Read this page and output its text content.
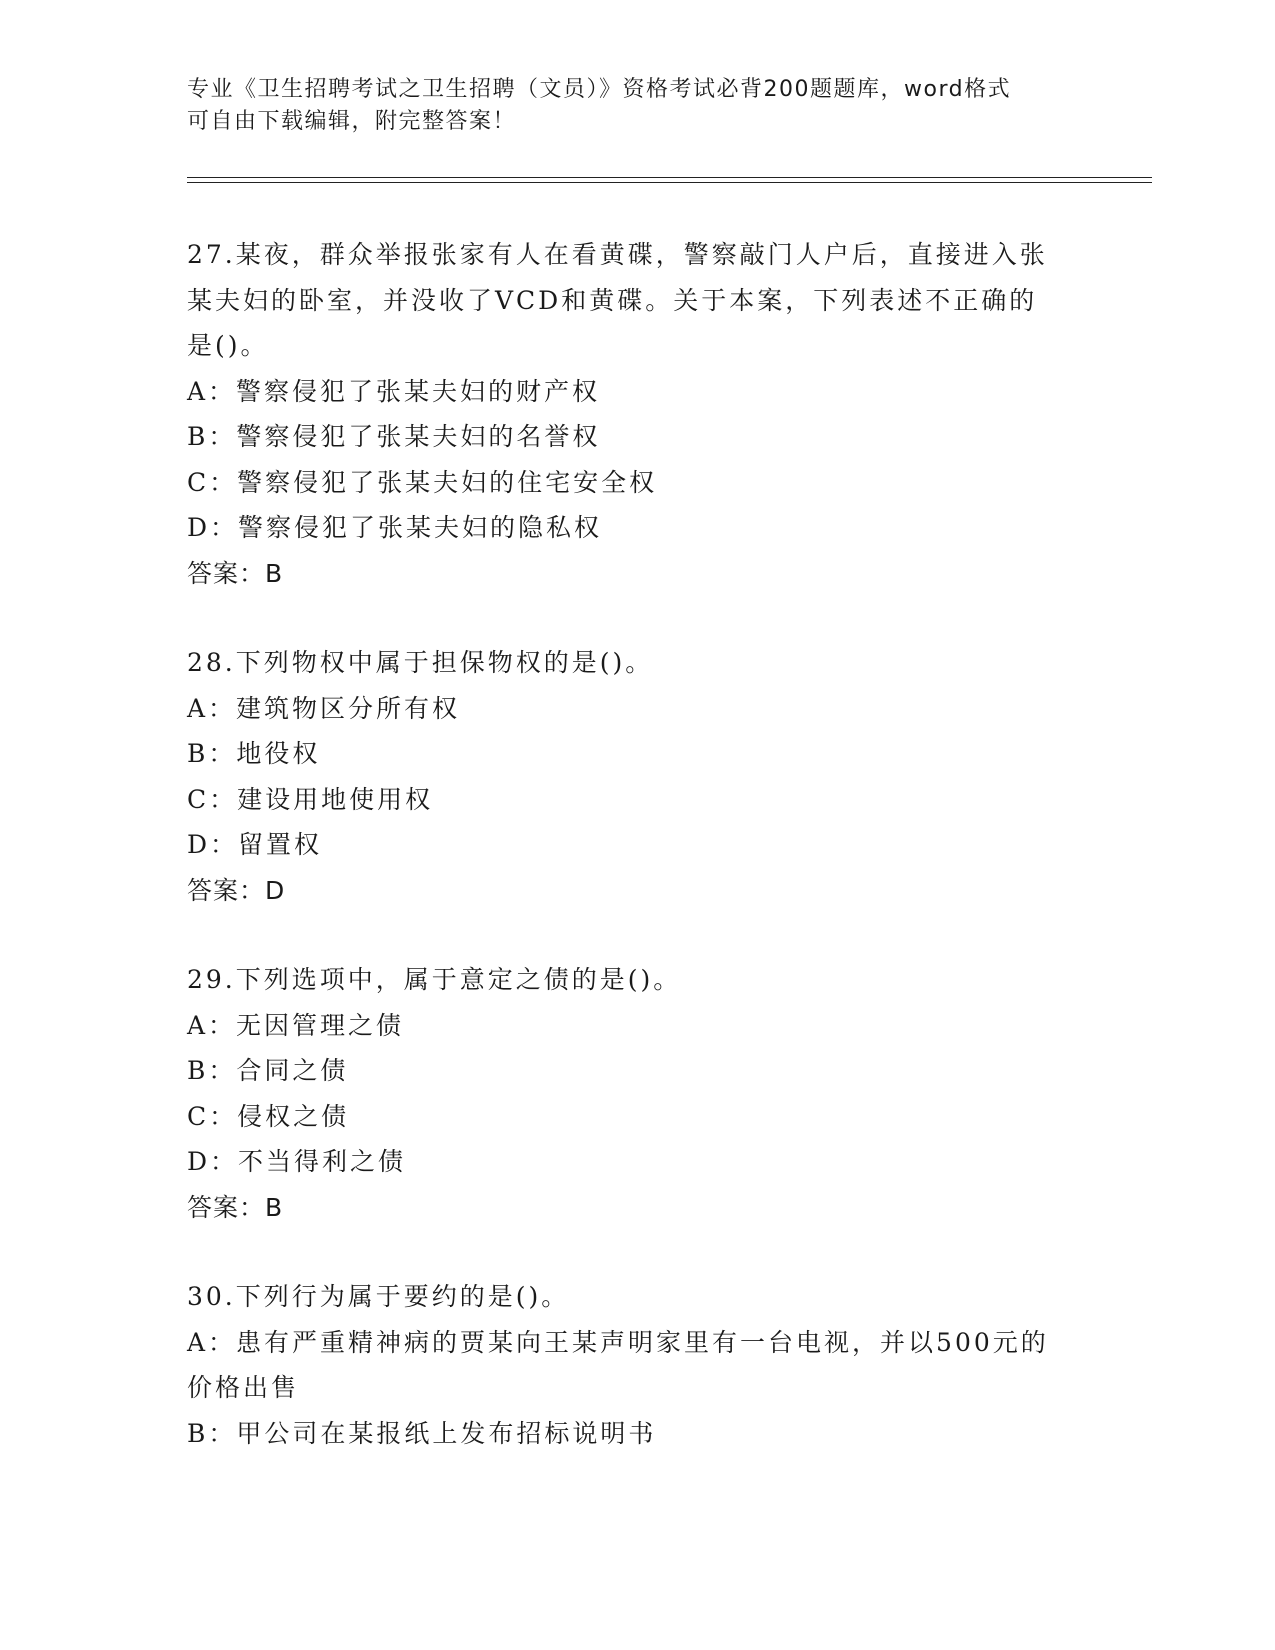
专业《卫生招聘考试之卫生招聘（文员）》资格考试必背200题题库，word格式
可自由下载编辑，附完整答案！
27.某夜，群众举报张家有人在看黄碟，警察敲门人户后，直接进入张
某夫妇的卧室，并没收了VCD和黄碟。关于本案，下列表述不正确的
是()。
A：警察侵犯了张某夫妇的财产权
B：警察侵犯了张某夫妇的名誉权
C：警察侵犯了张某夫妇的住宅安全权
D：警察侵犯了张某夫妇的隐私权
答案：B
28.下列物权中属于担保物权的是()。
A：建筑物区分所有权
B：地役权
C：建设用地使用权
D：留置权
答案：D
29.下列选项中，属于意定之债的是()。
A：无因管理之债
B：合同之债
C：侵权之债
D：不当得利之债
答案：B
30.下列行为属于要约的是()。
A：患有严重精神病的贾某向王某声明家里有一台电视，并以500元的
价格出售
B：甲公司在某报纸上发布招标说明书
